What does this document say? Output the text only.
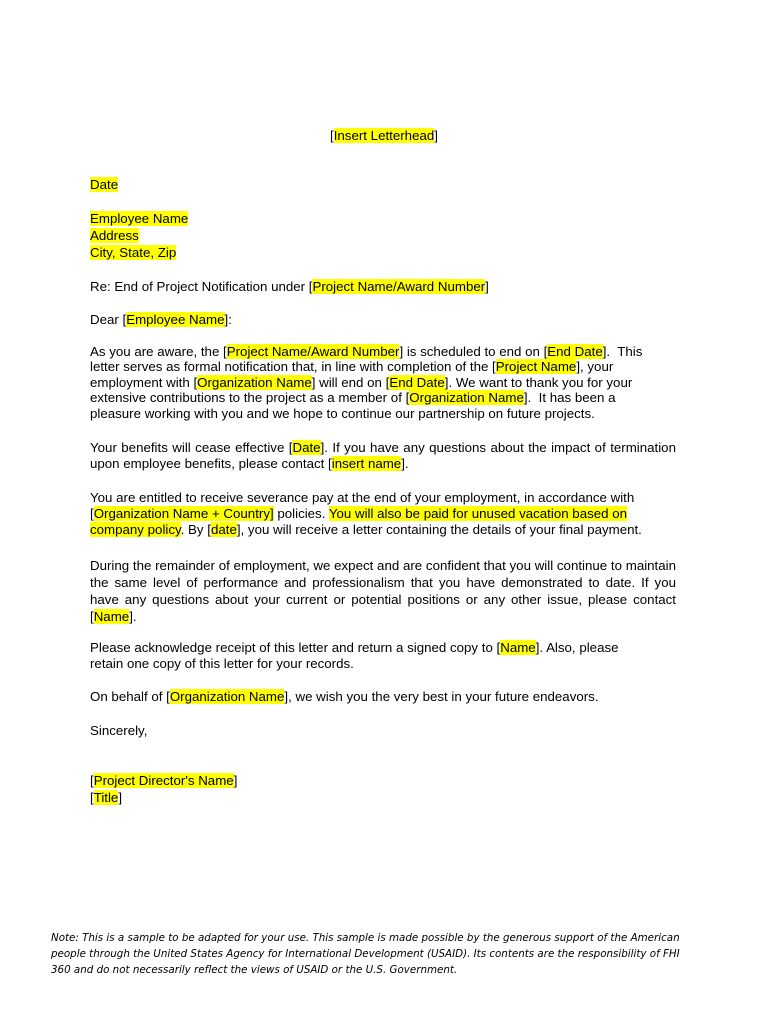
[Insert Letterhead]
Date
Employee Name
Address
City, State, Zip
Re: End of Project Notification under [Project Name/Award Number]
Dear [Employee Name]:
As you are aware, the [Project Name/Award Number] is scheduled to end on [End Date].  This
letter serves as formal notification that, in line with completion of the [Project Name], your
employment with [Organization Name] will end on [End Date]. We want to thank you for your
extensive contributions to the project as a member of [Organization Name].  It has been a
pleasure working with you and we hope to continue our partnership on future projects.
Your benefits will cease effective [Date]. If you have any questions about the impact of termination upon employee benefits, please contact [insert name].
You are entitled to receive severance pay at the end of your employment, in accordance with [Organization Name + Country] policies. You will also be paid for unused vacation based on company policy. By [date], you will receive a letter containing the details of your final payment.
During the remainder of employment, we expect and are confident that you will continue to maintain the same level of performance and professionalism that you have demonstrated to date. If you have any questions about your current or potential positions or any other issue, please contact [Name].
Please acknowledge receipt of this letter and return a signed copy to [Name]. Also, please
retain one copy of this letter for your records.
On behalf of [Organization Name], we wish you the very best in your future endeavors.
Sincerely,
[Project Director's Name]
[Title]
Note: This is a sample to be adapted for your use. This sample is made possible by the generous support of the American people through the United States Agency for International Development (USAID). Its contents are the responsibility of FHI 360 and do not necessarily reflect the views of USAID or the U.S. Government.
